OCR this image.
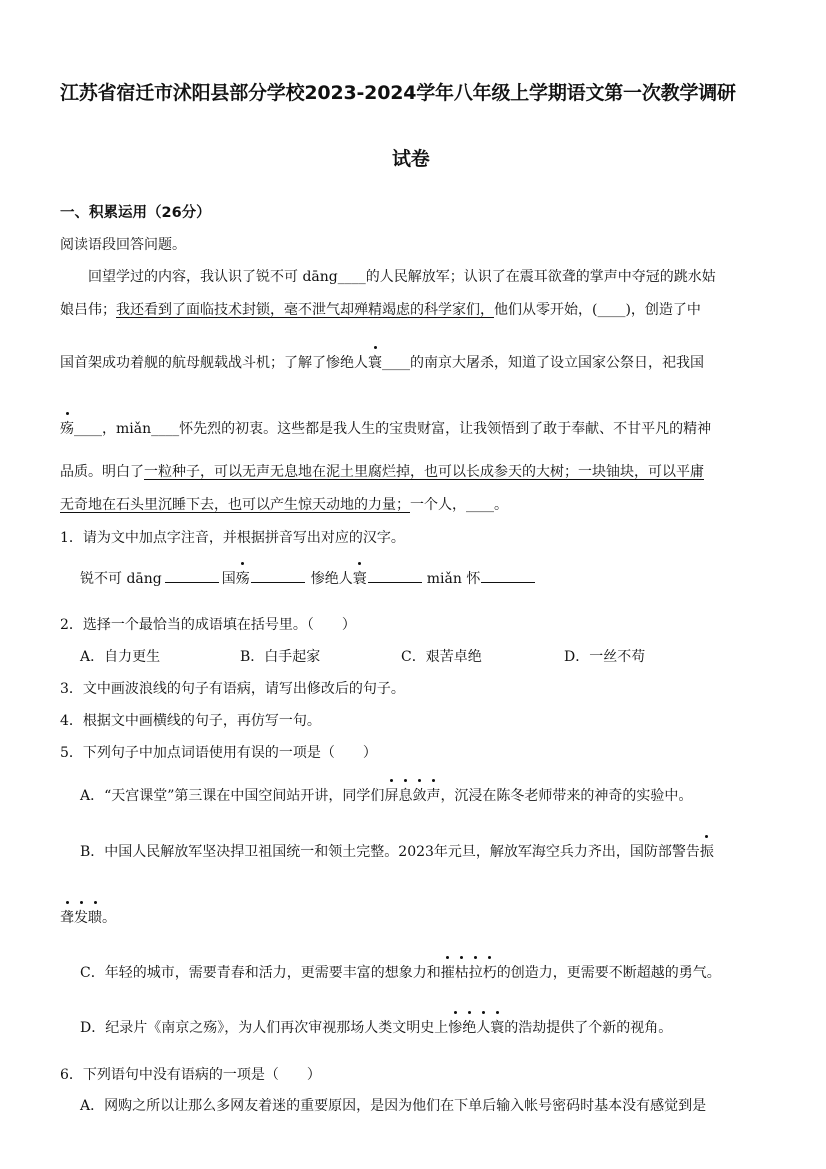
江苏省宿迁市沭阳县部分学校2023-2024学年八年级上学期语文第一次教学调研
试卷
一、积累运用（26分）
阅读语段回答问题。
回望学过的内容，我认识了锐不可 dāng____的人民解放军；认识了在震耳欲聋的掌声中夺冠的跳水姑
娘吕伟；我还看到了面临技术封锁，毫不泄气却殚精竭虑的科学家们，他们从零开始，(____)，创造了中
国首架成功着舰的航母舰载战斗机；了解了惨绝人寰____的南京大屠杀，知道了设立国家公祭日，祀我国
殇____，miǎn____怀先烈的初衷。这些都是我人生的宝贵财富，让我领悟到了敢于奉献、不甘平凡的精神
品质。明白了一粒种子，可以无声无息地在泥土里腐烂掉，也可以长成参天的大树；一块铀块，可以平庸
无奇地在石头里沉睡下去，也可以产生惊天动地的力量；一个人，____。
1．请为文中加点字注音，并根据拼音写出对应的汉字。
锐不可 dāng	国殇	惨绝人寰	miǎn 怀
2．选择一个最恰当的成语填在括号里。（　　）
A．自力更生	B．白手起家	C．艰苦卓绝	D．一丝不苟
3．文中画波浪线的句子有语病，请写出修改后的句子。
4．根据文中画横线的句子，再仿写一句。
5．下列句子中加点词语使用有误的一项是（　　）
A．“天宫课堂”第三课在中国空间站开讲，同学们屏息敛声，沉浸在陈冬老师带来的神奇的实验中。
B．中国人民解放军坚决捍卫祖国统一和领土完整。2023年元旦，解放军海空兵力齐出，国防部警告振
聋发聩。
C．年轻的城市，需要青春和活力，更需要丰富的想象力和摧枯拉朽的创造力，更需要不断超越的勇气。
D．纪录片《南京之殇》，为人们再次审视那场人类文明史上惨绝人寰的浩劫提供了个新的视角。
6．下列语句中没有语病的一项是（　　）
A．网购之所以让那么多网友着迷的重要原因，是因为他们在下单后输入帐号密码时基本没有感觉到是
